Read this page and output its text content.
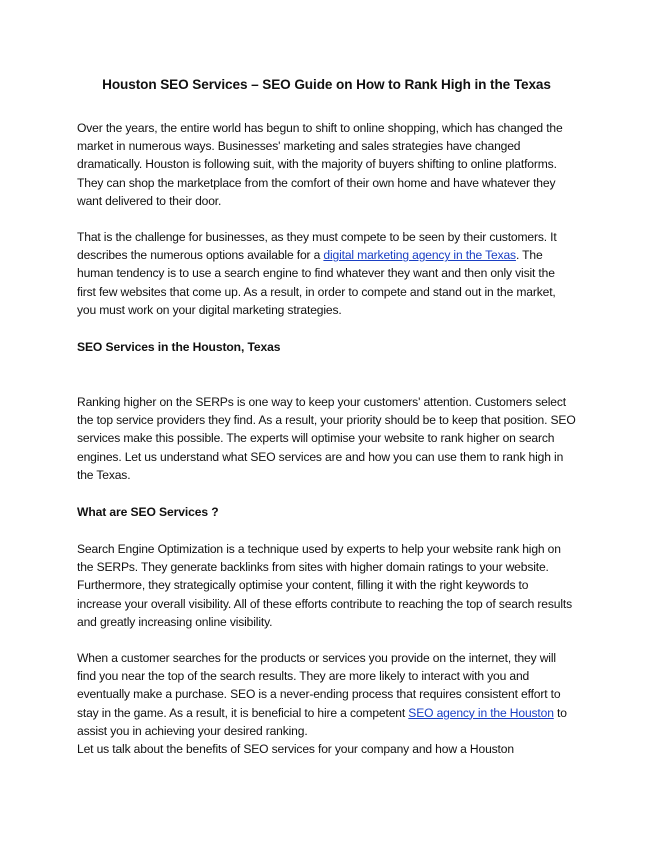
Houston SEO Services – SEO Guide on How to Rank High in the Texas

Over the years, the entire world has begun to shift to online shopping, which has changed the market in numerous ways. Businesses' marketing and sales strategies have changed dramatically. Houston is following suit, with the majority of buyers shifting to online platforms. They can shop the marketplace from the comfort of their own home and have whatever they want delivered to their door.

That is the challenge for businesses, as they must compete to be seen by their customers. It describes the numerous options available for a digital marketing agency in the Texas. The human tendency is to use a search engine to find whatever they want and then only visit the first few websites that come up. As a result, in order to compete and stand out in the market, you must work on your digital marketing strategies.

SEO Services in the Houston, Texas

Ranking higher on the SERPs is one way to keep your customers' attention. Customers select the top service providers they find. As a result, your priority should be to keep that position. SEO services make this possible. The experts will optimise your website to rank higher on search engines. Let us understand what SEO services are and how you can use them to rank high in the Texas.

What are SEO Services ?

Search Engine Optimization is a technique used by experts to help your website rank high on the SERPs. They generate backlinks from sites with higher domain ratings to your website. Furthermore, they strategically optimise your content, filling it with the right keywords to increase your overall visibility. All of these efforts contribute to reaching the top of search results and greatly increasing online visibility.

When a customer searches for the products or services you provide on the internet, they will find you near the top of the search results. They are more likely to interact with you and eventually make a purchase. SEO is a never-ending process that requires consistent effort to stay in the game. As a result, it is beneficial to hire a competent SEO agency in the Houston to assist you in achieving your desired ranking.

Let us talk about the benefits of SEO services for your company and how a Houston
